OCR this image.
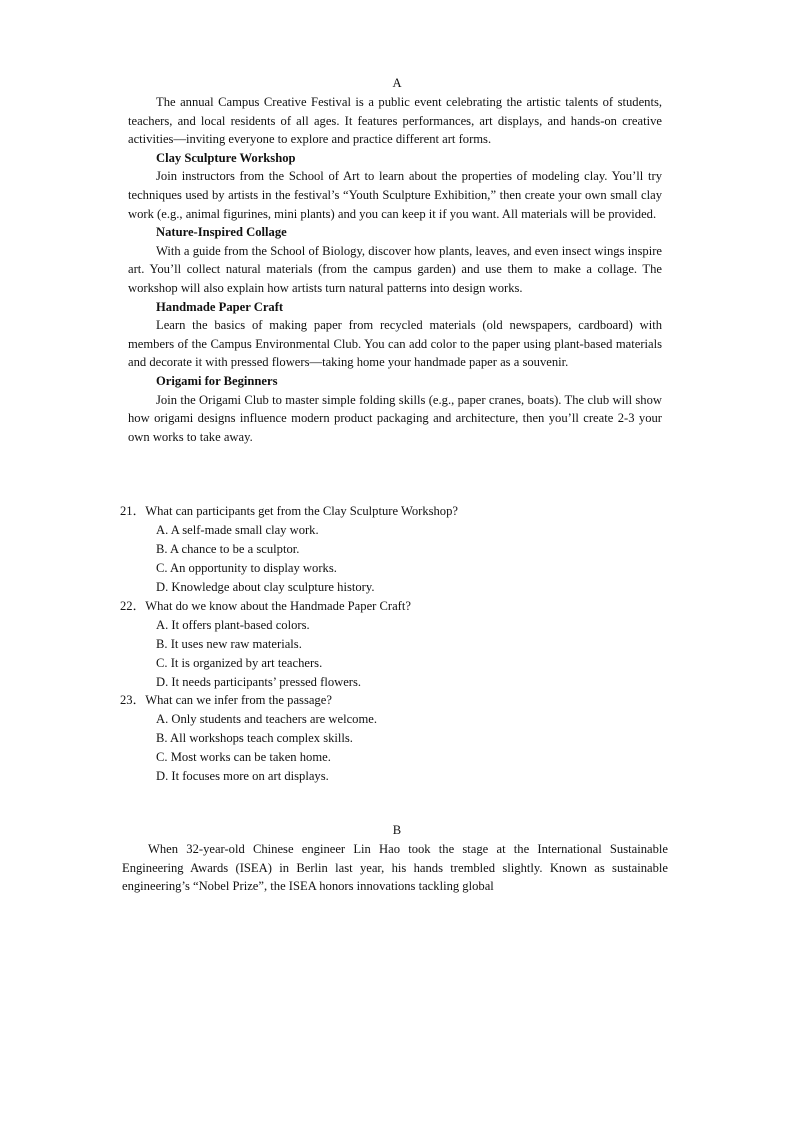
A

The annual Campus Creative Festival is a public event celebrating the artistic talents of students, teachers, and local residents of all ages. It features performances, art displays, and hands-on creative activities—inviting everyone to explore and practice different art forms.

Clay Sculpture Workshop

Join instructors from the School of Art to learn about the properties of modeling clay. You’ll try techniques used by artists in the festival’s “Youth Sculpture Exhibition,” then create your own small clay work (e.g., animal figurines, mini plants) and you can keep it if you want. All materials will be provided.

Nature-Inspired Collage

With a guide from the School of Biology, discover how plants, leaves, and even insect wings inspire art. You’ll collect natural materials (from the campus garden) and use them to make a collage. The workshop will also explain how artists turn natural patterns into design works.

Handmade Paper Craft

Learn the basics of making paper from recycled materials (old newspapers, cardboard) with members of the Campus Environmental Club. You can add color to the paper using plant-based materials and decorate it with pressed flowers—taking home your handmade paper as a souvenir.

Origami for Beginners

Join the Origami Club to master simple folding skills (e.g., paper cranes, boats). The club will show how origami designs influence modern product packaging and architecture, then you’ll create 2-3 your own works to take away.

21．What can participants get from the Clay Sculpture Workshop?

A. A self-made small clay work.

B. A chance to be a sculptor.

C. An opportunity to display works.

D. Knowledge about clay sculpture history.

22．What do we know about the Handmade Paper Craft?

A. It offers plant-based colors.

B. It uses new raw materials.

C. It is organized by art teachers.

D. It needs participants’ pressed flowers.

23．What can we infer from the passage?

A. Only students and teachers are welcome.

B. All workshops teach complex skills.

C. Most works can be taken home.

D. It focuses more on art displays.

B

When 32-year-old Chinese engineer Lin Hao took the stage at the International Sustainable Engineering Awards (ISEA) in Berlin last year, his hands trembled slightly. Known as sustainable engineering’s “Nobel Prize”, the ISEA honors innovations tackling global
